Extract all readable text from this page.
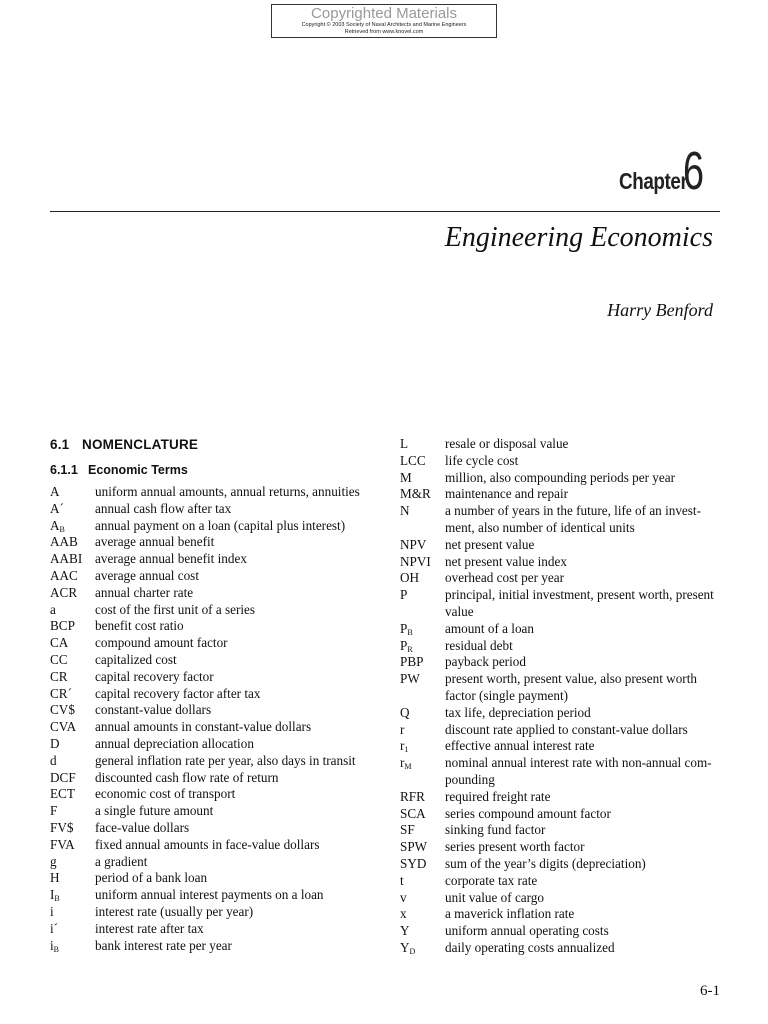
Copyrighted Materials
Copyright © 2003 Society of Naval Architects and Marine Engineers
Retrieved from www.knovel.com
Chapter6
Engineering Economics
Harry Benford
6.1 NOMENCLATURE
6.1.1 Economic Terms
A	uniform annual amounts, annual returns, annuities
A´	annual cash flow after tax
$A_B$	annual payment on a loan (capital plus interest)
AAB	average annual benefit
AABI average annual benefit index
AAC	average annual cost
ACR	annual charter rate
a	cost of the first unit of a series
BCP	benefit cost ratio
CA	compound amount factor
CC	capitalized cost
CR	capital recovery factor
CR´	capital recovery factor after tax
CV$	constant-value dollars
CVA	annual amounts in constant-value dollars
D	annual depreciation allocation
d	general inflation rate per year, also days in transit
DCF	discounted cash flow rate of return
ECT	economic cost of transport
F	a single future amount
FV$	face-value dollars
FVA	fixed annual amounts in face-value dollars
g	a gradient
H	period of a bank loan
$I_B$	uniform annual interest payments on a loan
i	interest rate (usually per year)
i´	interest rate after tax
$i_B$	bank interest rate per year
L	resale or disposal value
LCC	life cycle cost
M	million, also compounding periods per year
M&R	maintenance and repair
N	a number of years in the future, life of an invest-
ment, also number of identical units
NPV	net present value
NPVI	net present value index
OH	overhead cost per year
P	principal, initial investment, present worth, present
value
$P_B$	amount of a loan
$P_R$	residual debt
PBP	payback period
PW	present worth, present value, also present worth
factor (single payment)
Q	tax life, depreciation period
r	discount rate applied to constant-value dollars
$r_1$	effective annual interest rate
$r_M$	nominal annual interest rate with non-annual com-
pounding
RFR	required freight rate
SCA	series compound amount factor
SF	sinking fund factor
SPW	series present worth factor
SYD	sum of the year’s digits (depreciation)
t	corporate tax rate
v	unit value of cargo
x	a maverick inflation rate
Y	uniform annual operating costs
$Y_D$	daily operating costs annualized
6-1
